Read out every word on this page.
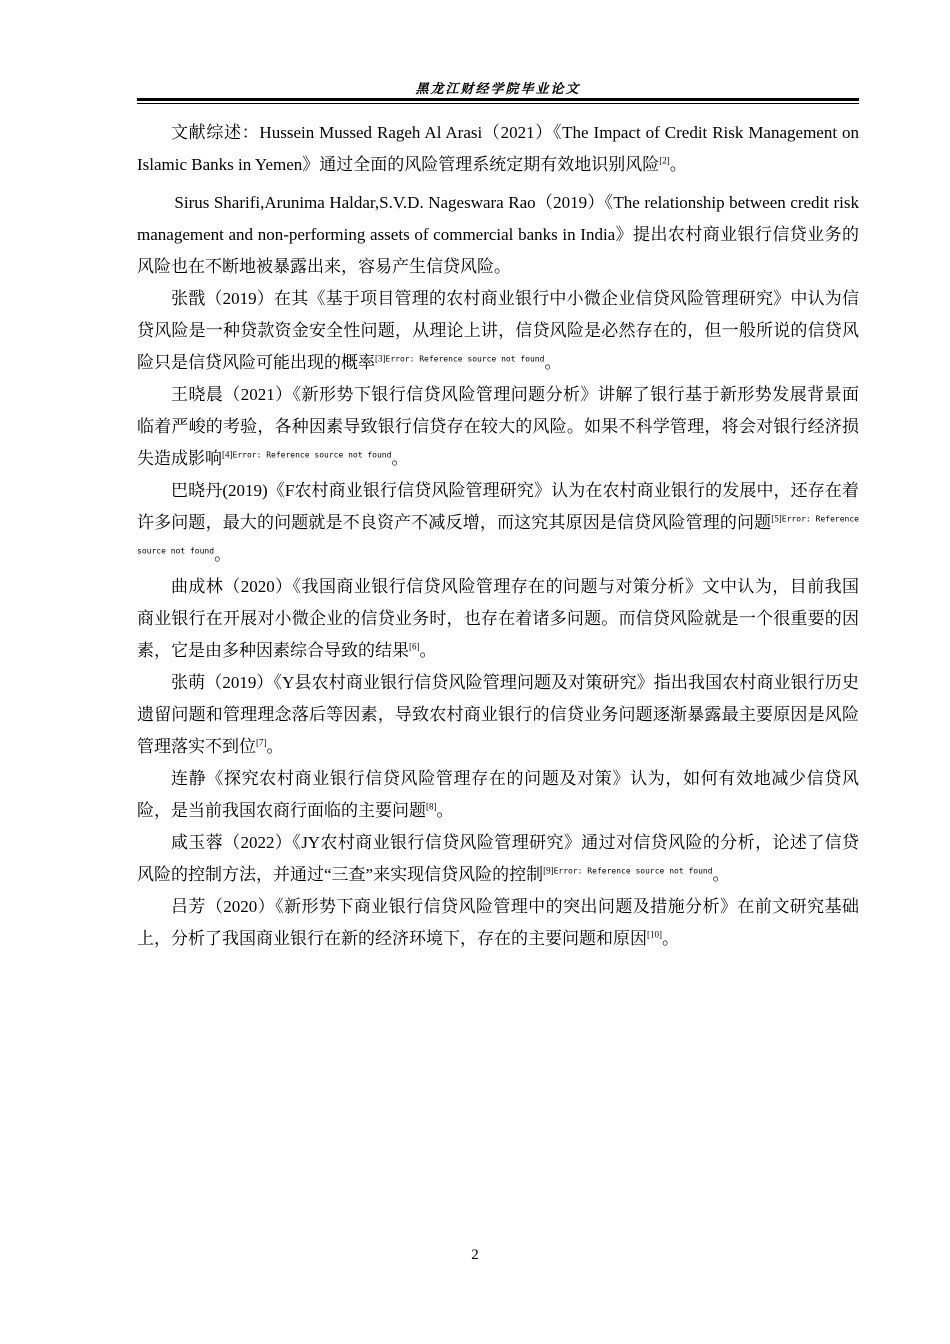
黑龙江财经学院毕业论文

文献综述：Hussein Mussed Rageh Al Arasi（2021）《The Impact of Credit Risk Management on Islamic Banks in Yemen》通过全面的风险管理系统定期有效地识别风险[2]。

Sirus Sharifi,Arunima Haldar,S.V.D. Nageswara Rao（2019）《The relationship between credit risk management and non-performing assets of commercial banks in India》提出农村商业银行信贷业务的风险也在不断地被暴露出来，容易产生信贷风险。

张戬（2019）在其《基于项目管理的农村商业银行中小微企业信贷风险管理研究》中认为信贷风险是一种贷款资金安全性问题，从理论上讲，信贷风险是必然存在的，但一般所说的信贷风险只是信贷风险可能出现的概率$^{[3]Error: Reference source not found}$。

王晓晨（2021）《新形势下银行信贷风险管理问题分析》讲解了银行基于新形势发展背景面临着严峻的考验，各种因素导致银行信贷存在较大的风险。如果不科学管理，将会对银行经济损失造成影响$^{[4]Error: Reference source not found}$。

巴晓丹(2019)《F农村商业银行信贷风险管理研究》认为在农村商业银行的发展中，还存在着许多问题，最大的问题就是不良资产不减反增，而这究其原因是信贷风险管理的问题$^{[5]Error: Reference source not found}$。

曲成林（2020）《我国商业银行信贷风险管理存在的问题与对策分析》文中认为，目前我国商业银行在开展对小微企业的信贷业务时，也存在着诸多问题。而信贷风险就是一个很重要的因素，它是由多种因素综合导致的结果[6]。

张萌（2019）《Y县农村商业银行信贷风险管理问题及对策研究》指出我国农村商业银行历史遗留问题和管理理念落后等因素，导致农村商业银行的信贷业务问题逐渐暴露最主要原因是风险管理落实不到位[7]。

连静《探究农村商业银行信贷风险管理存在的问题及对策》认为，如何有效地减少信贷风险，是当前我国农商行面临的主要问题[8]。

咸玉蓉（2022）《JY农村商业银行信贷风险管理研究》通过对信贷风险的分析，论述了信贷风险的控制方法，并通过“三查”来实现信贷风险的控制$^{[9]Error: Reference source not found}$。

吕芳（2020）《新形势下商业银行信贷风险管理中的突出问题及措施分析》在前文研究基础上，分析了我国商业银行在新的经济环境下，存在的主要问题和原因[10]。

2
